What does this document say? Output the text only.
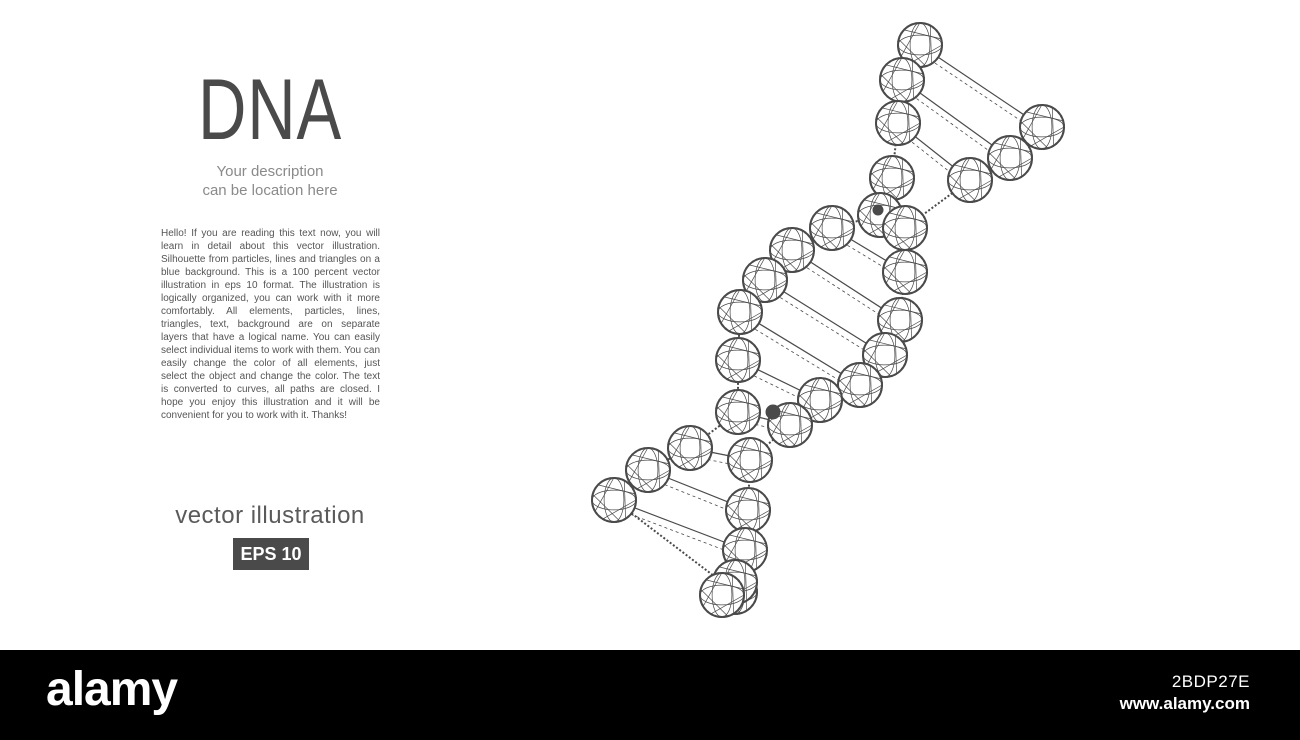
DNA
Your description
can be location here
Hello! If you are reading this text now, you will learn in detail about this vector illustration. Silhouette from particles, lines and triangles on a blue background. This is a 100 percent vector illustration in eps 10 format. The illustration is logically organized, you can work with it more comfortably. All elements, particles, lines, triangles, text, background are on separate layers that have a logical name. You can easily select individual items to work with them. You can easily change the color of all elements, just select the object and change the color. The text is converted to curves, all paths are closed. I hope you enjoy this illustration and it will be convenient for you to work with it. Thanks!
vector illustration
EPS 10
alamy	2BDP27E
www.alamy.com
